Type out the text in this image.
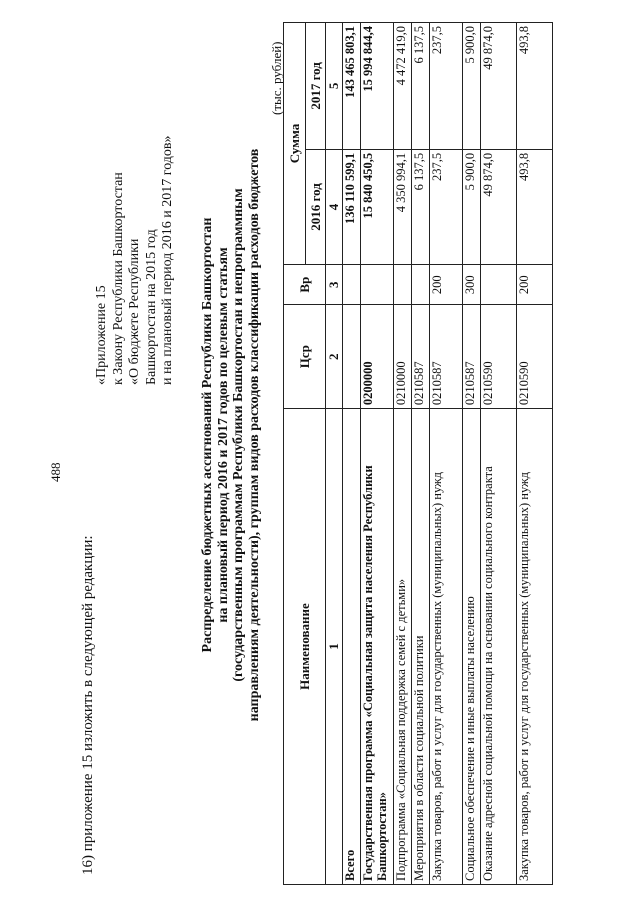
488
16) приложение 15 изложить в следующей редакции:
«Приложение 15 к Закону Республики Башкортостан «О бюджете Республики Башкортостан на 2015 год и на плановый период 2016 и 2017 годов» Распределение бюджетных ассигнований Республики Башкортостан на плановый период 2016 и 2017 годов по целевым статьям (государственным программам Республики Башкортостан и непрограммным направлениям деятельности), группам видов расходов классификации расходов бюджетов
(тыс. рублей)
Наименование	Цср	Вр	Сумма	
			2016 год	2017 год
1	2	3	4	5
Всего			136 110 599,1	143 465 803,1
Государственная программа «Социальная защита населения Республики Башкортостан»	0200000		15 840 450,5	15 994 844,4
Подпрограмма «Социальная поддержка семей с детьми»	0210000		4 350 994,1	4 472 419,0
Мероприятия в области социальной политики	0210587		6 137,5	6 137,5
Закупка товаров, работ и услуг для государственных (муниципальных) нужд	0210587	200	237,5	237,5
Социальное обеспечение и иные выплаты населению	0210587	300	5 900,0	5 900,0
Оказание адресной социальной помощи на основании социального контракта	0210590		49 874,0	49 874,0
Закупка товаров, работ и услуг для государственных (муниципальных) нужд	0210590	200	493,8	493,8
